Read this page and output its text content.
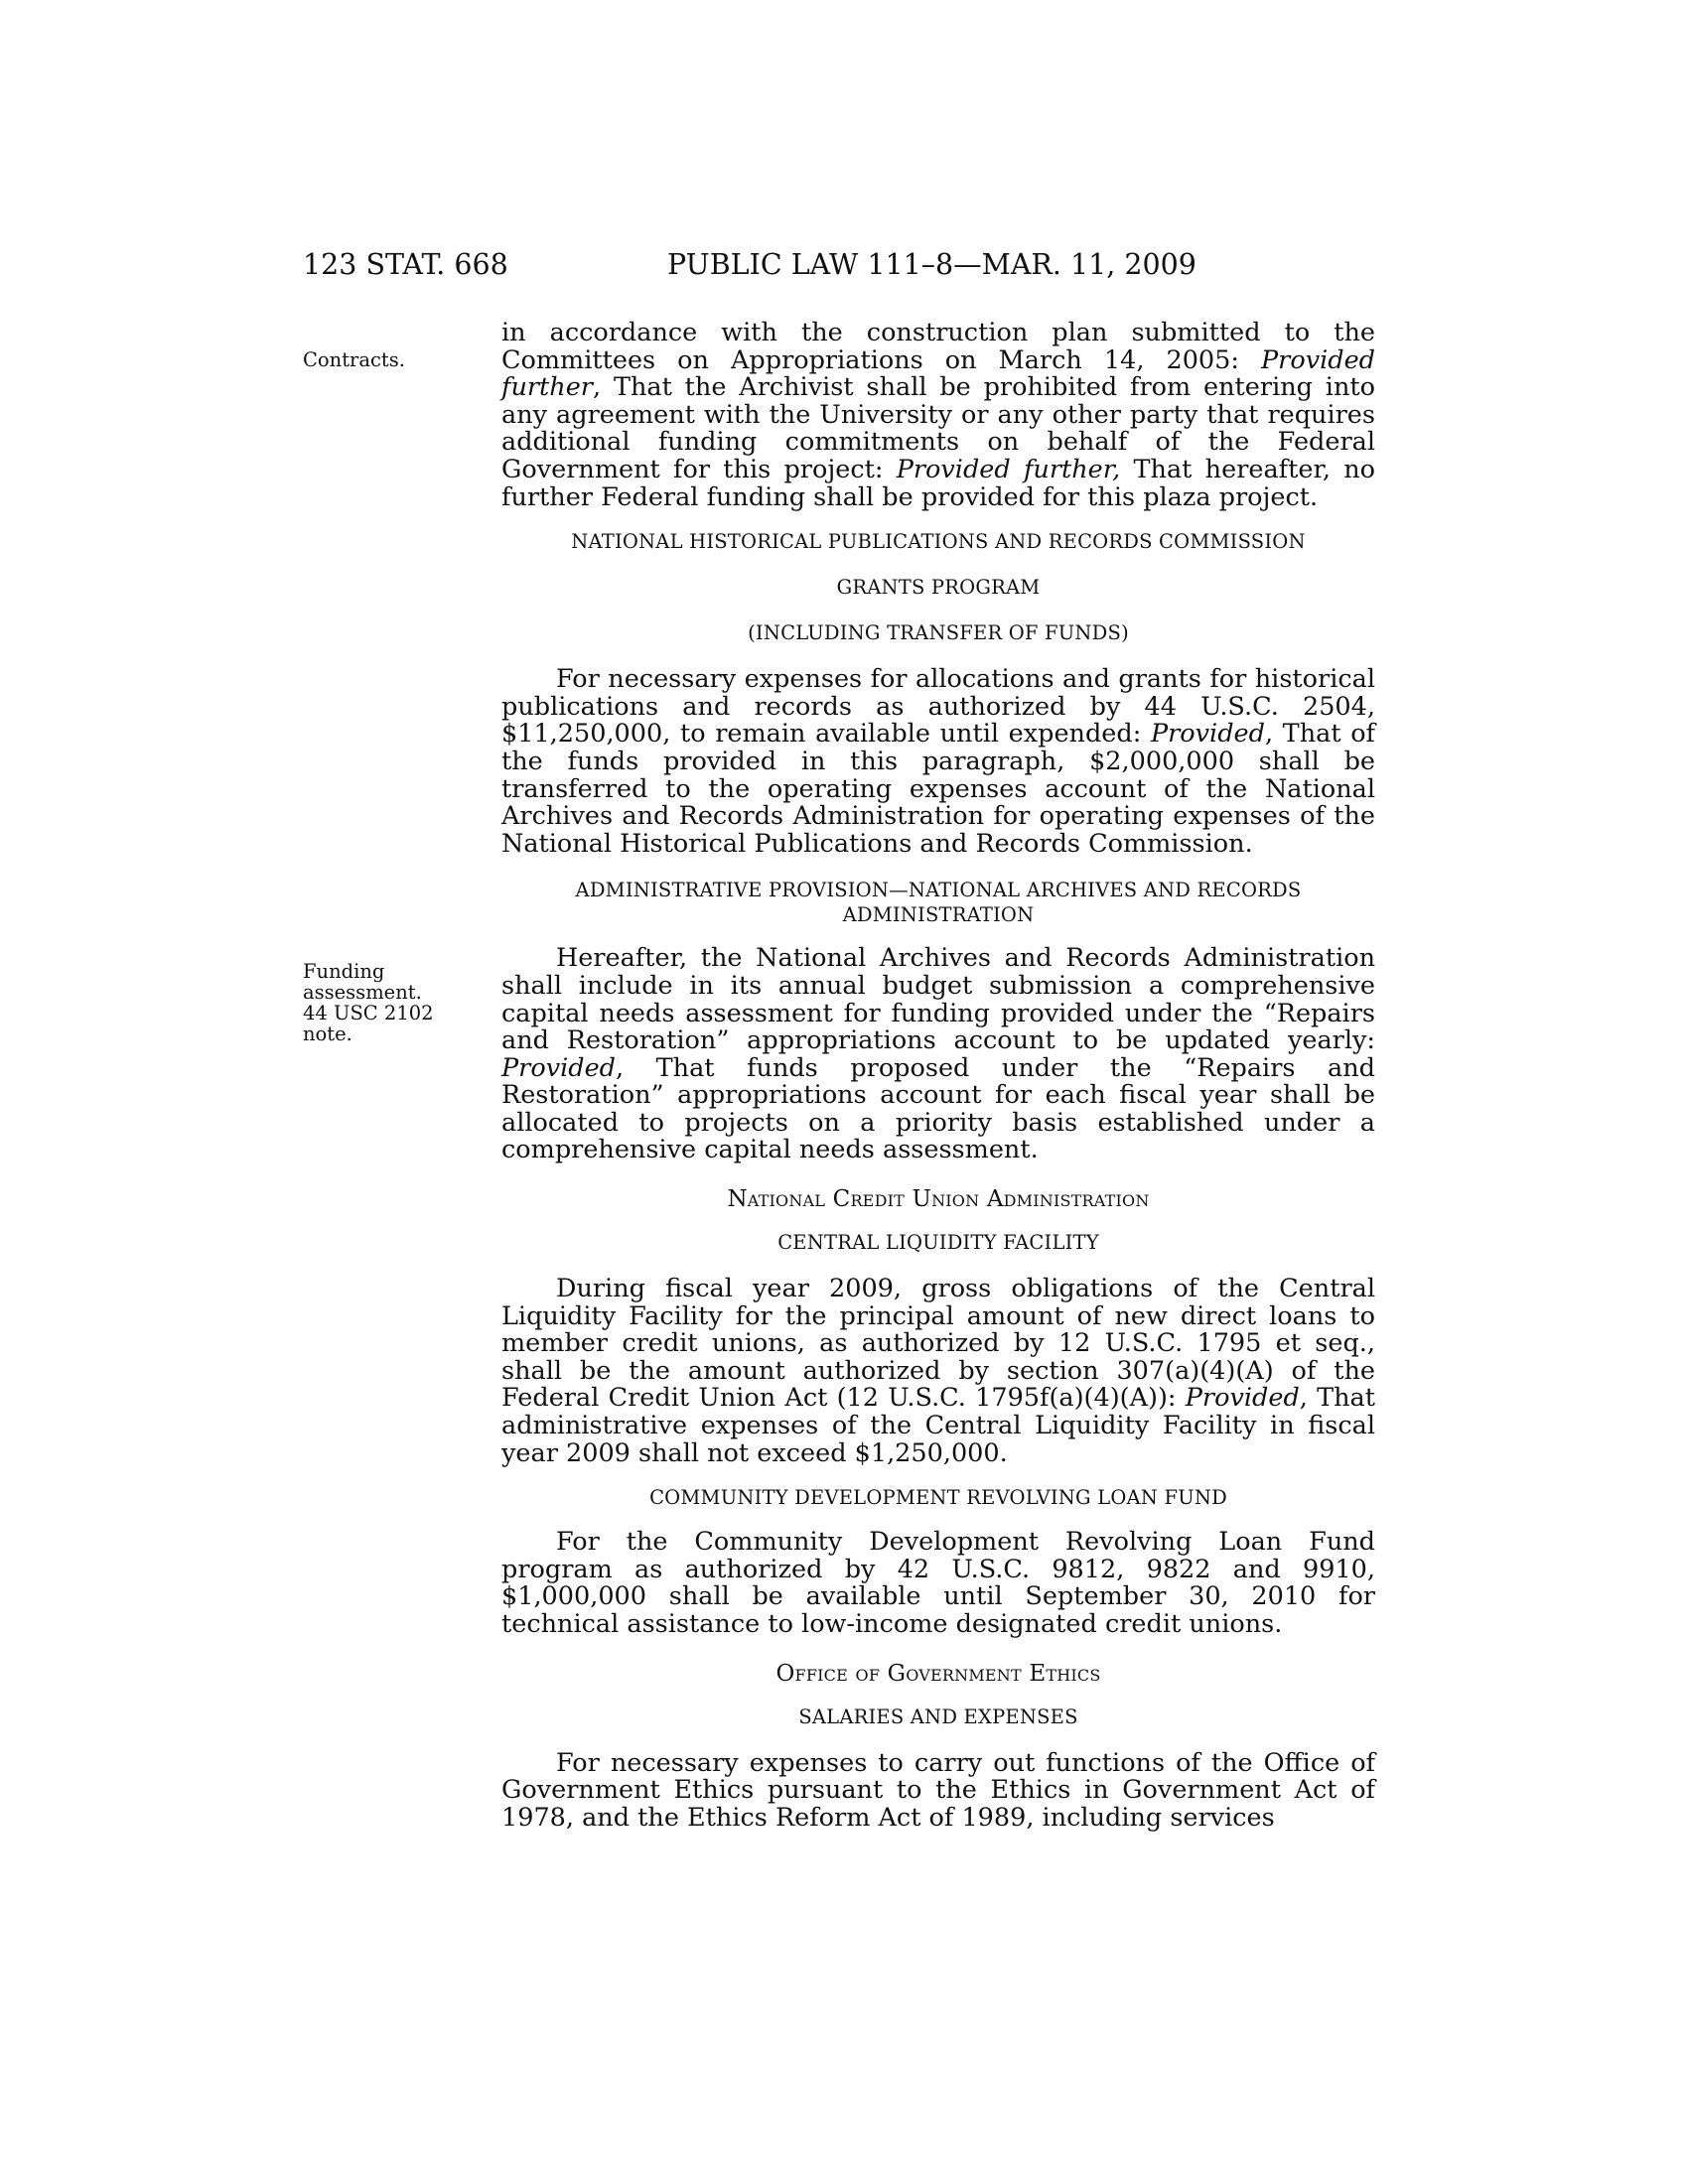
123 STAT. 668	PUBLIC LAW 111–8—MAR. 11, 2009
Contracts.
Funding
assessment.
44 USC 2102
note.

in accordance with the construction plan submitted to the Committees on Appropriations on March 14, 2005: Provided further, That the Archivist shall be prohibited from entering into any agreement with the University or any other party that requires additional funding commitments on behalf of the Federal Government for this project: Provided further, That hereafter, no further Federal funding shall be provided for this plaza project.

NATIONAL HISTORICAL PUBLICATIONS AND RECORDS COMMISSION
GRANTS PROGRAM
(INCLUDING TRANSFER OF FUNDS)

For necessary expenses for allocations and grants for historical publications and records as authorized by 44 U.S.C. 2504, $11,250,000, to remain available until expended: Provided, That of the funds provided in this paragraph, $2,000,000 shall be transferred to the operating expenses account of the National Archives and Records Administration for operating expenses of the National Historical Publications and Records Commission.

ADMINISTRATIVE PROVISION—NATIONAL ARCHIVES AND RECORDS ADMINISTRATION

Hereafter, the National Archives and Records Administration shall include in its annual budget submission a comprehensive capital needs assessment for funding provided under the “Repairs and Restoration” appropriations account to be updated yearly: Provided, That funds proposed under the “Repairs and Restoration” appropriations account for each fiscal year shall be allocated to projects on a priority basis established under a comprehensive capital needs assessment.

National Credit Union Administration
CENTRAL LIQUIDITY FACILITY

During fiscal year 2009, gross obligations of the Central Liquidity Facility for the principal amount of new direct loans to member credit unions, as authorized by 12 U.S.C. 1795 et seq., shall be the amount authorized by section 307(a)(4)(A) of the Federal Credit Union Act (12 U.S.C. 1795f(a)(4)(A)): Provided, That administrative expenses of the Central Liquidity Facility in fiscal year 2009 shall not exceed $1,250,000.

COMMUNITY DEVELOPMENT REVOLVING LOAN FUND

For the Community Development Revolving Loan Fund program as authorized by 42 U.S.C. 9812, 9822 and 9910, $1,000,000 shall be available until September 30, 2010 for technical assistance to low-income designated credit unions.

Office of Government Ethics
SALARIES AND EXPENSES

For necessary expenses to carry out functions of the Office of Government Ethics pursuant to the Ethics in Government Act of 1978, and the Ethics Reform Act of 1989, including services
